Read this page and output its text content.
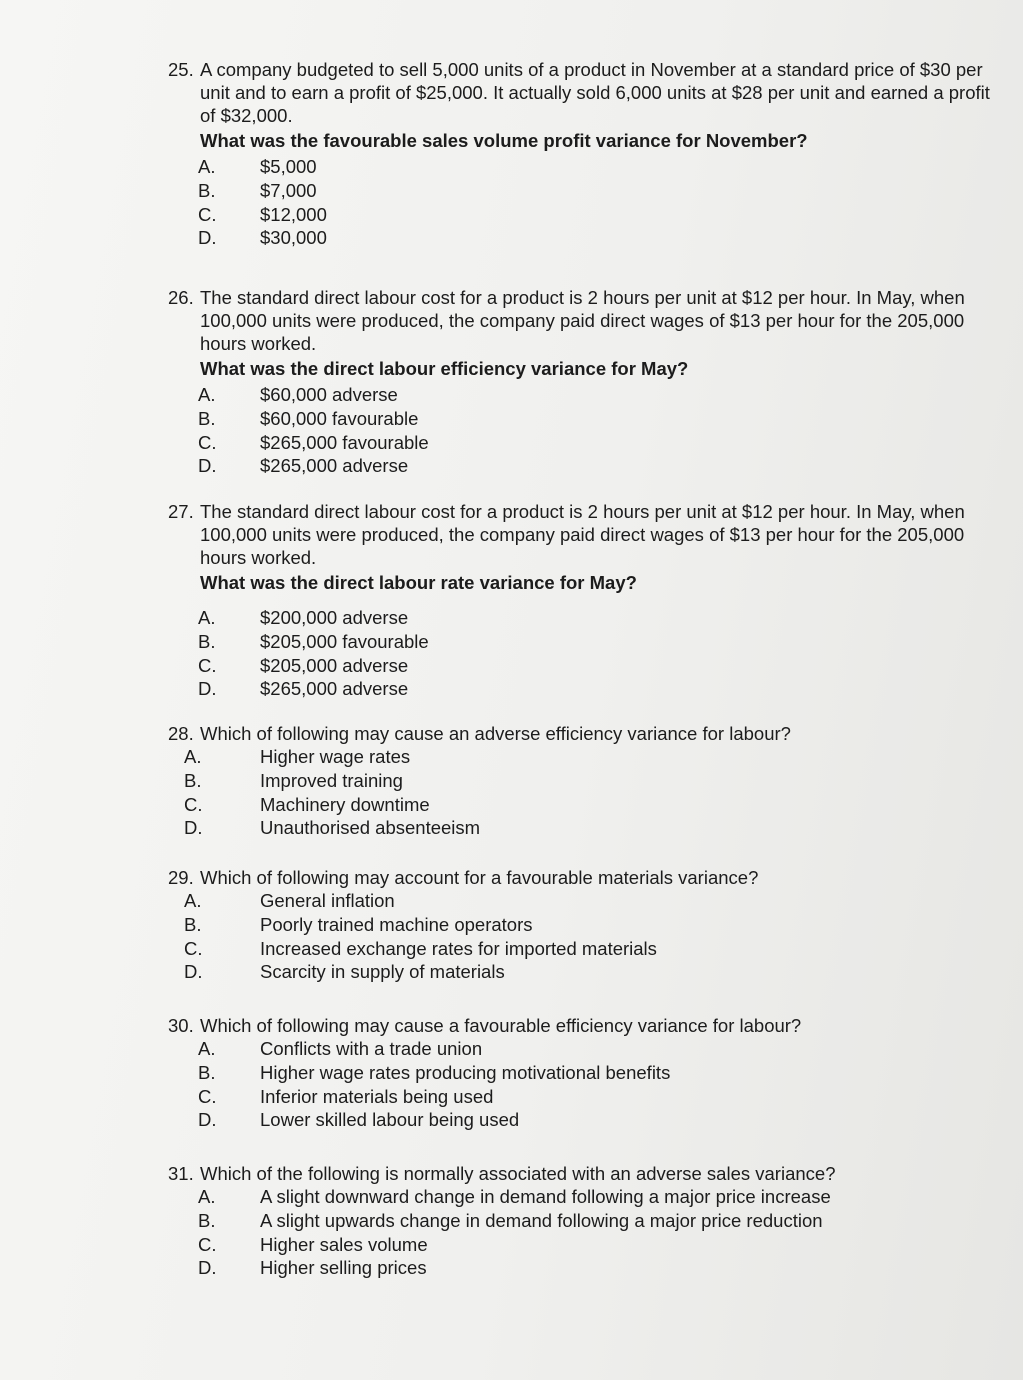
25. A company budgeted to sell 5,000 units of a product in November at a standard price of $30 per unit and to earn a profit of $25,000. It actually sold 6,000 units at $28 per unit and earned a profit of $32,000.
What was the favourable sales volume profit variance for November?
A.	$5,000
B.	$7,000
C.	$12,000
D.	$30,000
26. The standard direct labour cost for a product is 2 hours per unit at $12 per hour. In May, when 100,000 units were produced, the company paid direct wages of $13 per hour for the 205,000 hours worked.
What was the direct labour efficiency variance for May?
A.	$60,000 adverse
B.	$60,000 favourable
C.	$265,000 favourable
D.	$265,000 adverse
27. The standard direct labour cost for a product is 2 hours per unit at $12 per hour. In May, when 100,000 units were produced, the company paid direct wages of $13 per hour for the 205,000 hours worked.
What was the direct labour rate variance for May?
A.	$200,000 adverse
B.	$205,000 favourable
C.	$205,000 adverse
D.	$265,000 adverse
28. Which of following may cause an adverse efficiency variance for labour?
A.	Higher wage rates
B.	Improved training
C.	Machinery downtime
D.	Unauthorised absenteeism
29. Which of following may account for a favourable materials variance?
A.	General inflation
B.	Poorly trained machine operators
C.	Increased exchange rates for imported materials
D.	Scarcity in supply of materials
30. Which of following may cause a favourable efficiency variance for labour?
A.	Conflicts with a trade union
B.	Higher wage rates producing motivational benefits
C.	Inferior materials being used
D.	Lower skilled labour being used
31. Which of the following is normally associated with an adverse sales variance?
A.	A slight downward change in demand following a major price increase
B.	A slight upwards change in demand following a major price reduction
C.	Higher sales volume
D.	Higher selling prices
